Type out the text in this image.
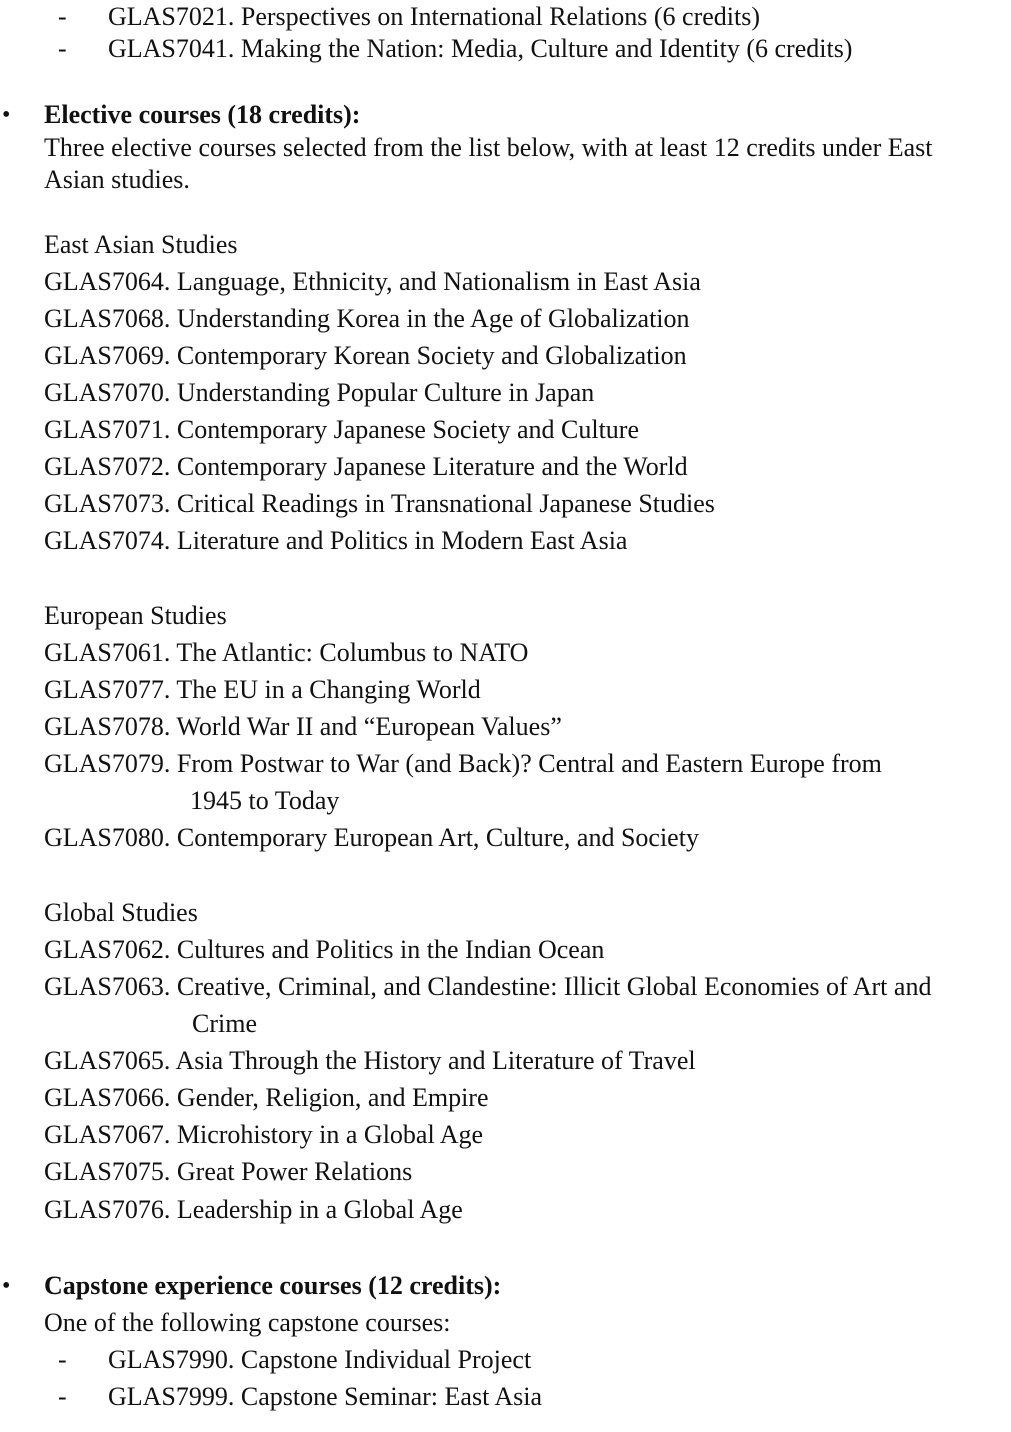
- GLAS7021. Perspectives on International Relations (6 credits)
- GLAS7041. Making the Nation: Media, Culture and Identity (6 credits)
• Elective courses (18 credits):
Three elective courses selected from the list below, with at least 12 credits under East
Asian studies.
East Asian Studies
GLAS7064. Language, Ethnicity, and Nationalism in East Asia
GLAS7068. Understanding Korea in the Age of Globalization
GLAS7069. Contemporary Korean Society and Globalization
GLAS7070. Understanding Popular Culture in Japan
GLAS7071. Contemporary Japanese Society and Culture
GLAS7072. Contemporary Japanese Literature and the World
GLAS7073. Critical Readings in Transnational Japanese Studies
GLAS7074. Literature and Politics in Modern East Asia
European Studies
GLAS7061. The Atlantic: Columbus to NATO
GLAS7077. The EU in a Changing World
GLAS7078. World War II and “European Values”
GLAS7079. From Postwar to War (and Back)? Central and Eastern Europe from
1945 to Today
GLAS7080. Contemporary European Art, Culture, and Society
Global Studies
GLAS7062. Cultures and Politics in the Indian Ocean
GLAS7063. Creative, Criminal, and Clandestine: Illicit Global Economies of Art and
Crime
GLAS7065. Asia Through the History and Literature of Travel
GLAS7066. Gender, Religion, and Empire
GLAS7067. Microhistory in a Global Age
GLAS7075. Great Power Relations
GLAS7076. Leadership in a Global Age
• Capstone experience courses (12 credits):
One of the following capstone courses:
- GLAS7990. Capstone Individual Project
- GLAS7999. Capstone Seminar: East Asia
